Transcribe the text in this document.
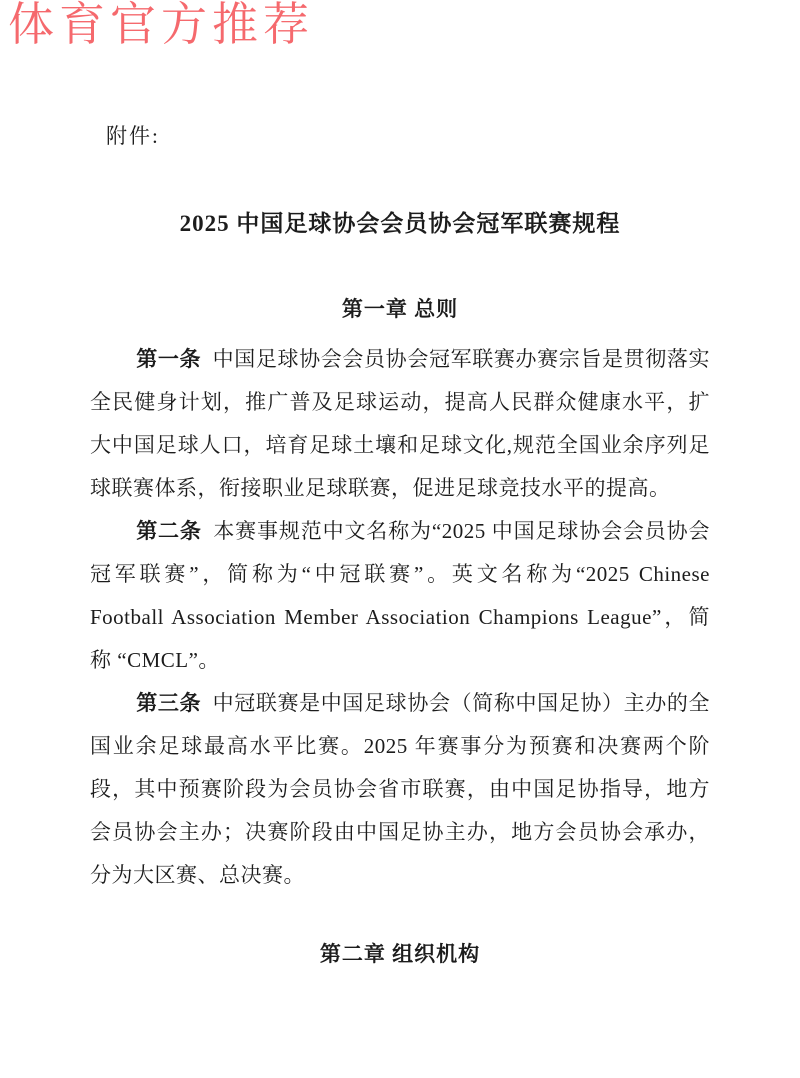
体育官方推荐
附件:
2025 中国足球协会会员协会冠军联赛规程
第一章 总则

第一条 中国足球协会会员协会冠军联赛办赛宗旨是贯彻落实全民健身计划，推广普及足球运动，提高人民群众健康水平，扩大中国足球人口，培育足球土壤和足球文化,规范全国业余序列足球联赛体系，衔接职业足球联赛，促进足球竞技水平的提高。

第二条 本赛事规范中文名称为“2025 中国足球协会会员协会冠军联赛”，简称为“中冠联赛”。英文名称为“2025 Chinese Football Association Member Association Champions League”，简称 “CMCL”。

第三条 中冠联赛是中国足球协会（简称中国足协）主办的全国业余足球最高水平比赛。2025 年赛事分为预赛和决赛两个阶段，其中预赛阶段为会员协会省市联赛，由中国足协指导，地方会员协会主办；决赛阶段由中国足协主办，地方会员协会承办，分为大区赛、总决赛。

第二章 组织机构
